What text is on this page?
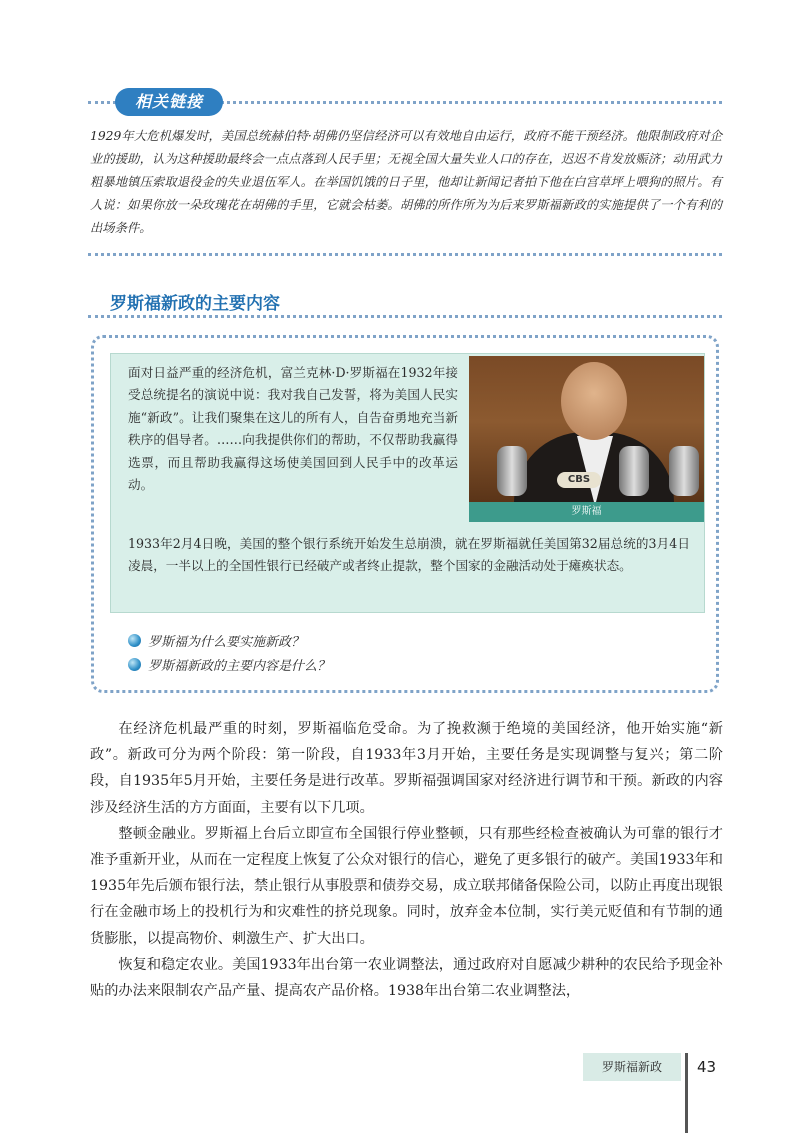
相关链接

1929年大危机爆发时，美国总统赫伯特·胡佛仍坚信经济可以有效地自由运行，政府不能干预经济。他限制政府对企业的援助，认为这种援助最终会一点点落到人民手里；无视全国大量失业人口的存在，迟迟不肯发放赈济；动用武力粗暴地镇压索取退役金的失业退伍军人。在举国饥饿的日子里，他却让新闻记者拍下他在白宫草坪上喂狗的照片。有人说：如果你放一朵玫瑰花在胡佛的手里，它就会枯萎。胡佛的所作所为为后来罗斯福新政的实施提供了一个有利的出场条件。

罗斯福新政的主要内容

面对日益严重的经济危机，富兰克林·D·罗斯福在1932年接受总统提名的演说中说：我对我自己发誓，将为美国人民实施“新政”。让我们聚集在这儿的所有人，自告奋勇地充当新秩序的倡导者。……向我提供你们的帮助，不仅帮助我赢得选票，而且帮助我赢得这场使美国回到人民手中的改革运动。	CBS
罗斯福

1933年2月4日晚，美国的整个银行系统开始发生总崩溃，就在罗斯福就任美国第32届总统的3月4日凌晨，一半以上的全国性银行已经破产或者终止提款，整个国家的金融活动处于瘫痪状态。

罗斯福为什么要实施新政？

罗斯福新政的主要内容是什么？

在经济危机最严重的时刻，罗斯福临危受命。为了挽救濒于绝境的美国经济，他开始实施“新政”。新政可分为两个阶段：第一阶段，自1933年3月开始，主要任务是实现调整与复兴；第二阶段，自1935年5月开始，主要任务是进行改革。罗斯福强调国家对经济进行调节和干预。新政的内容涉及经济生活的方方面面，主要有以下几项。

整顿金融业。罗斯福上台后立即宣布全国银行停业整顿，只有那些经检查被确认为可靠的银行才准予重新开业，从而在一定程度上恢复了公众对银行的信心，避免了更多银行的破产。美国1933年和1935年先后颁布银行法，禁止银行从事股票和债券交易，成立联邦储备保险公司，以防止再度出现银行在金融市场上的投机行为和灾难性的挤兑现象。同时，放弃金本位制，实行美元贬值和有节制的通货膨胀，以提高物价、刺激生产、扩大出口。

恢复和稳定农业。美国1933年出台第一农业调整法，通过政府对自愿减少耕种的农民给予现金补贴的办法来限制农产品产量、提高农产品价格。1938年出台第二农业调整法，

罗斯福新政	43
